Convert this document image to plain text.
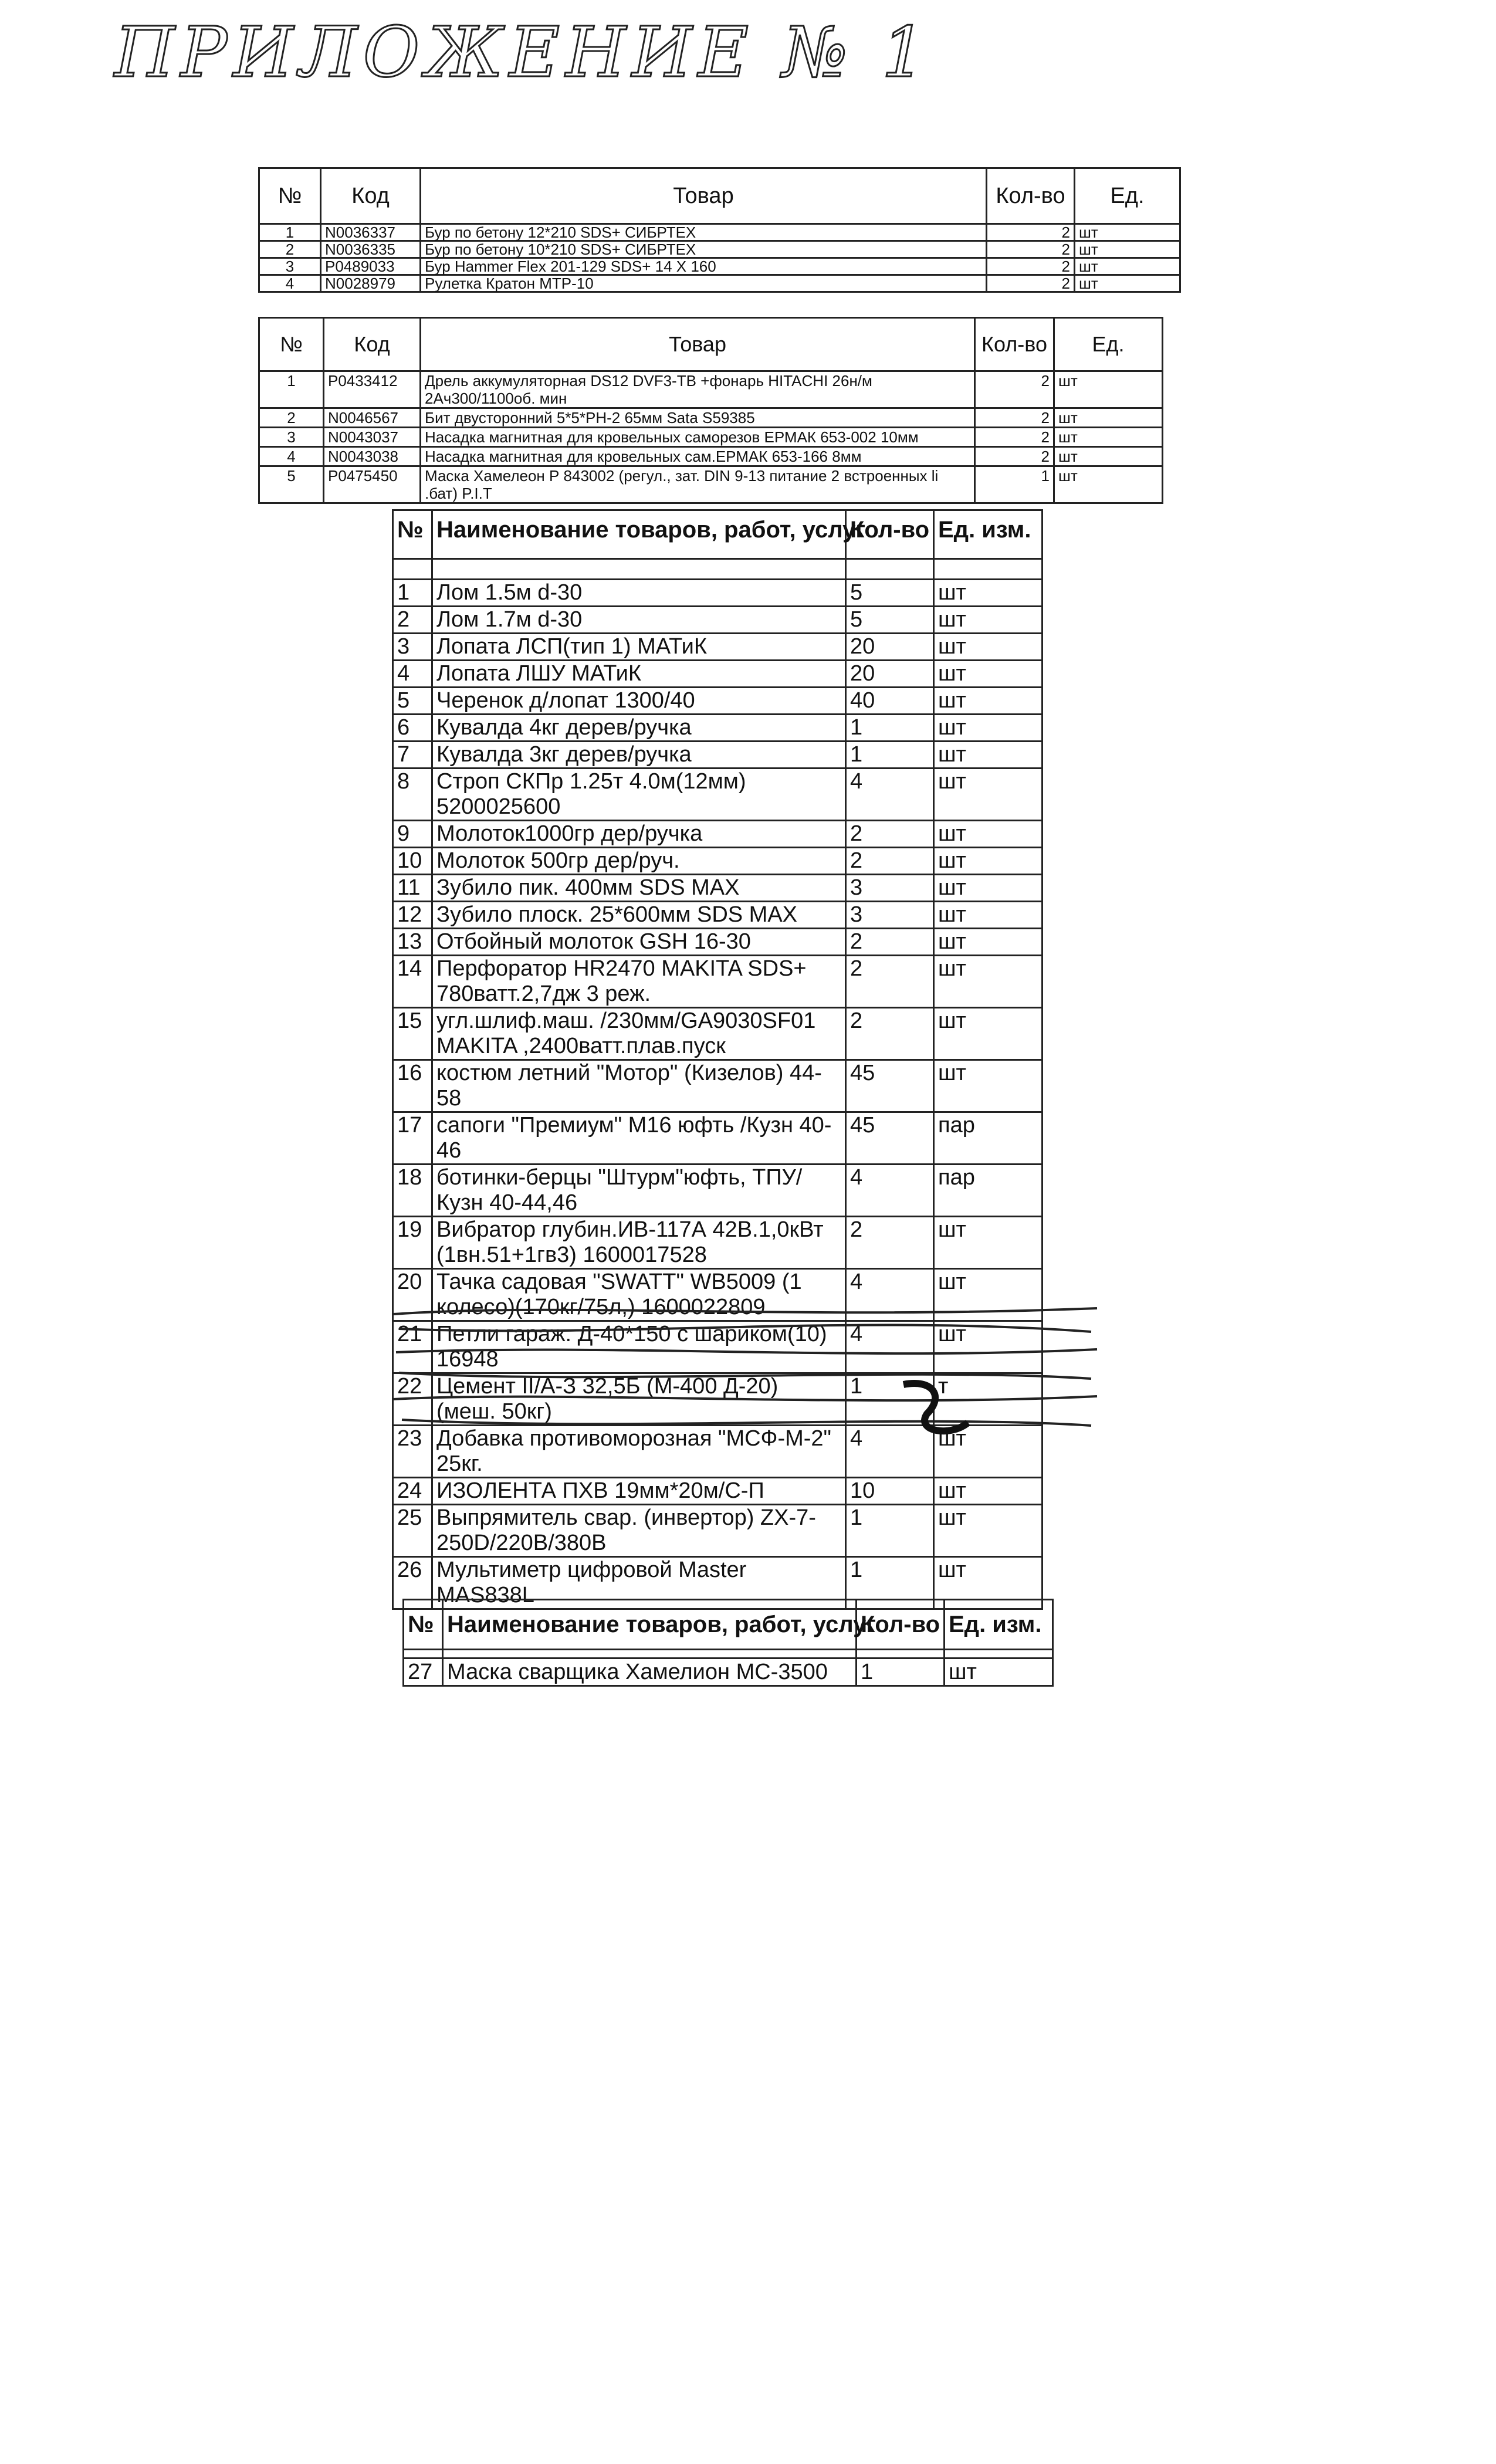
ПРИЛОЖЕНИЕ № 1
№	Код	Товар	Кол-во	Ед.
1	N0036337	Бур по бетону 12*210 SDS+ СИБРТЕХ	2	шт
2	N0036335	Бур по бетону 10*210 SDS+ СИБРТЕХ	2	шт
3	P0489033	Бур Hammer Flex 201-129 SDS+ 14 X 160	2	шт
4	N0028979	Рулетка Кратон MTP-10	2	шт
№	Код	Товар	Кол-во	Ед.
1	P0433412	Дрель аккумуляторная DS12 DVF3-TB +фонарь HITACHI 26н/м 2Ач300/1100об. мин	2	шт
2	N0046567	Бит двусторонний 5*5*PH-2 65мм Sata S59385	2	шт
3	N0043037	Насадка магнитная для кровельных саморезов ЕРМАК 653-002 10мм	2	шт
4	N0043038	Насадка магнитная для кровельных сам.ЕРМАК 653-166 8мм	2	шт
5	P0475450	Маска Хамелеон Р 843002 (регул., зат. DIN 9-13 питание 2 встроенных li .бат) P.I.T	1	шт
№	Наименование товаров, работ, услуг	Кол-во	Ед. изм.

1	Лом 1.5м d-30	5	шт
2	Лом 1.7м d-30	5	шт
3	Лопата ЛСП(тип 1) МАТиК	20	шт
4	Лопата ЛШУ МАТиК	20	шт
5	Черенок д/лопат 1300/40	40	шт
6	Кувалда 4кг дерев/ручка	1	шт
7	Кувалда 3кг дерев/ручка	1	шт
8	Строп СКПр 1.25т 4.0м(12мм) 5200025600	4	шт
9	Молоток1000гр дер/ручка	2	шт
10	Молоток 500гр дер/руч.	2	шт
11	Зубило пик. 400мм SDS MAX	3	шт
12	Зубило плоск. 25*600мм SDS MAX	3	шт
13	Отбойный молоток GSH 16-30	2	шт
14	Перфоратор HR2470 MAKITA SDS+ 780ватт.2,7дж 3 реж.	2	шт
15	угл.шлиф.маш. /230мм/GA9030SF01 MAKITA ,2400ватт.плав.пуск	2	шт
16	костюм летний "Мотор" (Кизелов) 44-58	45	шт
17	сапоги "Премиум" М16 юфть /Кузн 40-46	45	пар
18	ботинки-берцы "Штурм"юфть, ТПУ/Кузн 40-44,46	4	пар
19	Вибратор глубин.ИВ-117А 42В.1,0кВт (1вн.51+1гв3) 1600017528	2	шт
20	Тачка садовая "SWATT" WB5009 (1 колесо)(170кг/75л,) 1600022809	4	шт
21	Петли гараж. Д-40*150 с шариком(10) 16948	4	шт
22	Цемент II/А-З 32,5Б (М-400 Д-20) (меш. 50кг)	1	т
23	Добавка противоморозная "МСФ-М-2" 25кг.	4	шт
24	ИЗОЛЕНТА ПХВ 19мм*20м/С-П	10	шт
25	Выпрямитель свар. (инвертор) ZX-7-250D/220В/380В	1	шт
26	Мультиметр цифровой Master MAS838L	1	шт
№	Наименование товаров, работ, услуг	Кол-во	Ед. изм.

27	Маска сварщика Хамелион МС-3500	1	шт
